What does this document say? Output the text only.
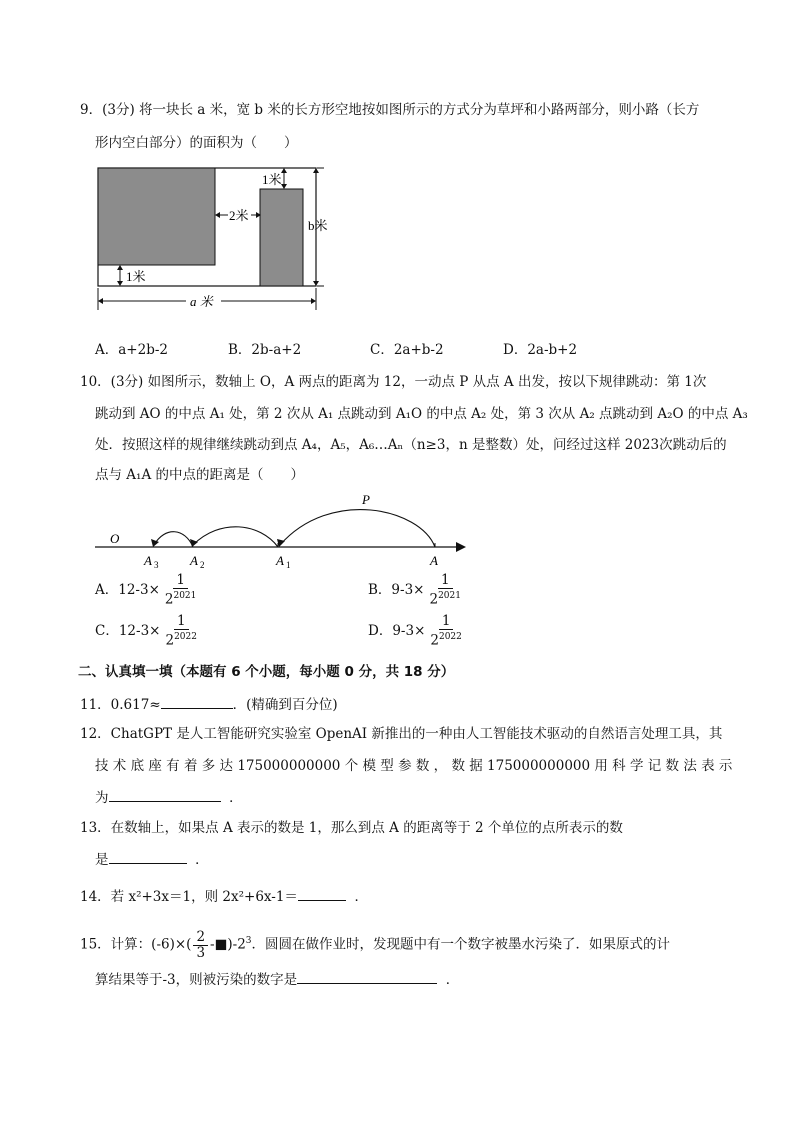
9．(3分) 将一块长 a 米，宽 b 米的长方形空地按如图所示的方式分为草坪和小路两部分，则小路（长方
形内空白部分）的面积为（　　）
1米
2米
b米
1米
a 米
A．a+2b-2	B．2b-a+2	C．2a+b-2	D．2a-b+2
10．(3分) 如图所示，数轴上 O，A 两点的距离为 12，一动点 P 从点 A 出发，按以下规律跳动：第 1次
跳动到 AO 的中点 A₁ 处，第 2 次从 A₁ 点跳动到 A₁O 的中点 A₂ 处，第 3 次从 A₂ 点跳动到 A₂O 的中点 A₃
处．按照这样的规律继续跳动到点 A₄，A₅，A₆…Aₙ（n≥3，n 是整数）处，问经过这样 2023次跳动后的
点与 A₁A 的中点的距离是（　　）
O
P
A 3 A 2	A 1	A
A．$12-3\times \frac{1}{2^{2021}}$	B．$9-3\times \frac{1}{2^{2021}}$
C．$12-3\times \frac{1}{2^{2022}}$	D．$9-3\times \frac{1}{2^{2022}}$
二、认真填一填（本题有 6 个小题，每小题 0 分，共 18 分）
11．0.617≈	．(精确到百分位)
12．ChatGPT 是人工智能研究实验室 OpenAI 新推出的一种由人工智能技术驱动的自然语言处理工具，其
技 术 底 座 有 着 多 达 175000000000 个 模 型 参 数 ， 数 据 175000000000 用 科 学 记 数 法 表 示
为	．
13．在数轴上，如果点 A 表示的数是 1，那么到点 A 的距离等于 2 个单位的点所表示的数
是	．
14．若 x²+3x＝1，则 2x²+6x-1＝	．
15．计算：$(-6)\times( \frac{2}{3}$ $-■)-2^3$．圆圆在做作业时，发现题中有一个数字被墨水污染了．如果原式的计
算结果等于-3，则被污染的数字是	．
